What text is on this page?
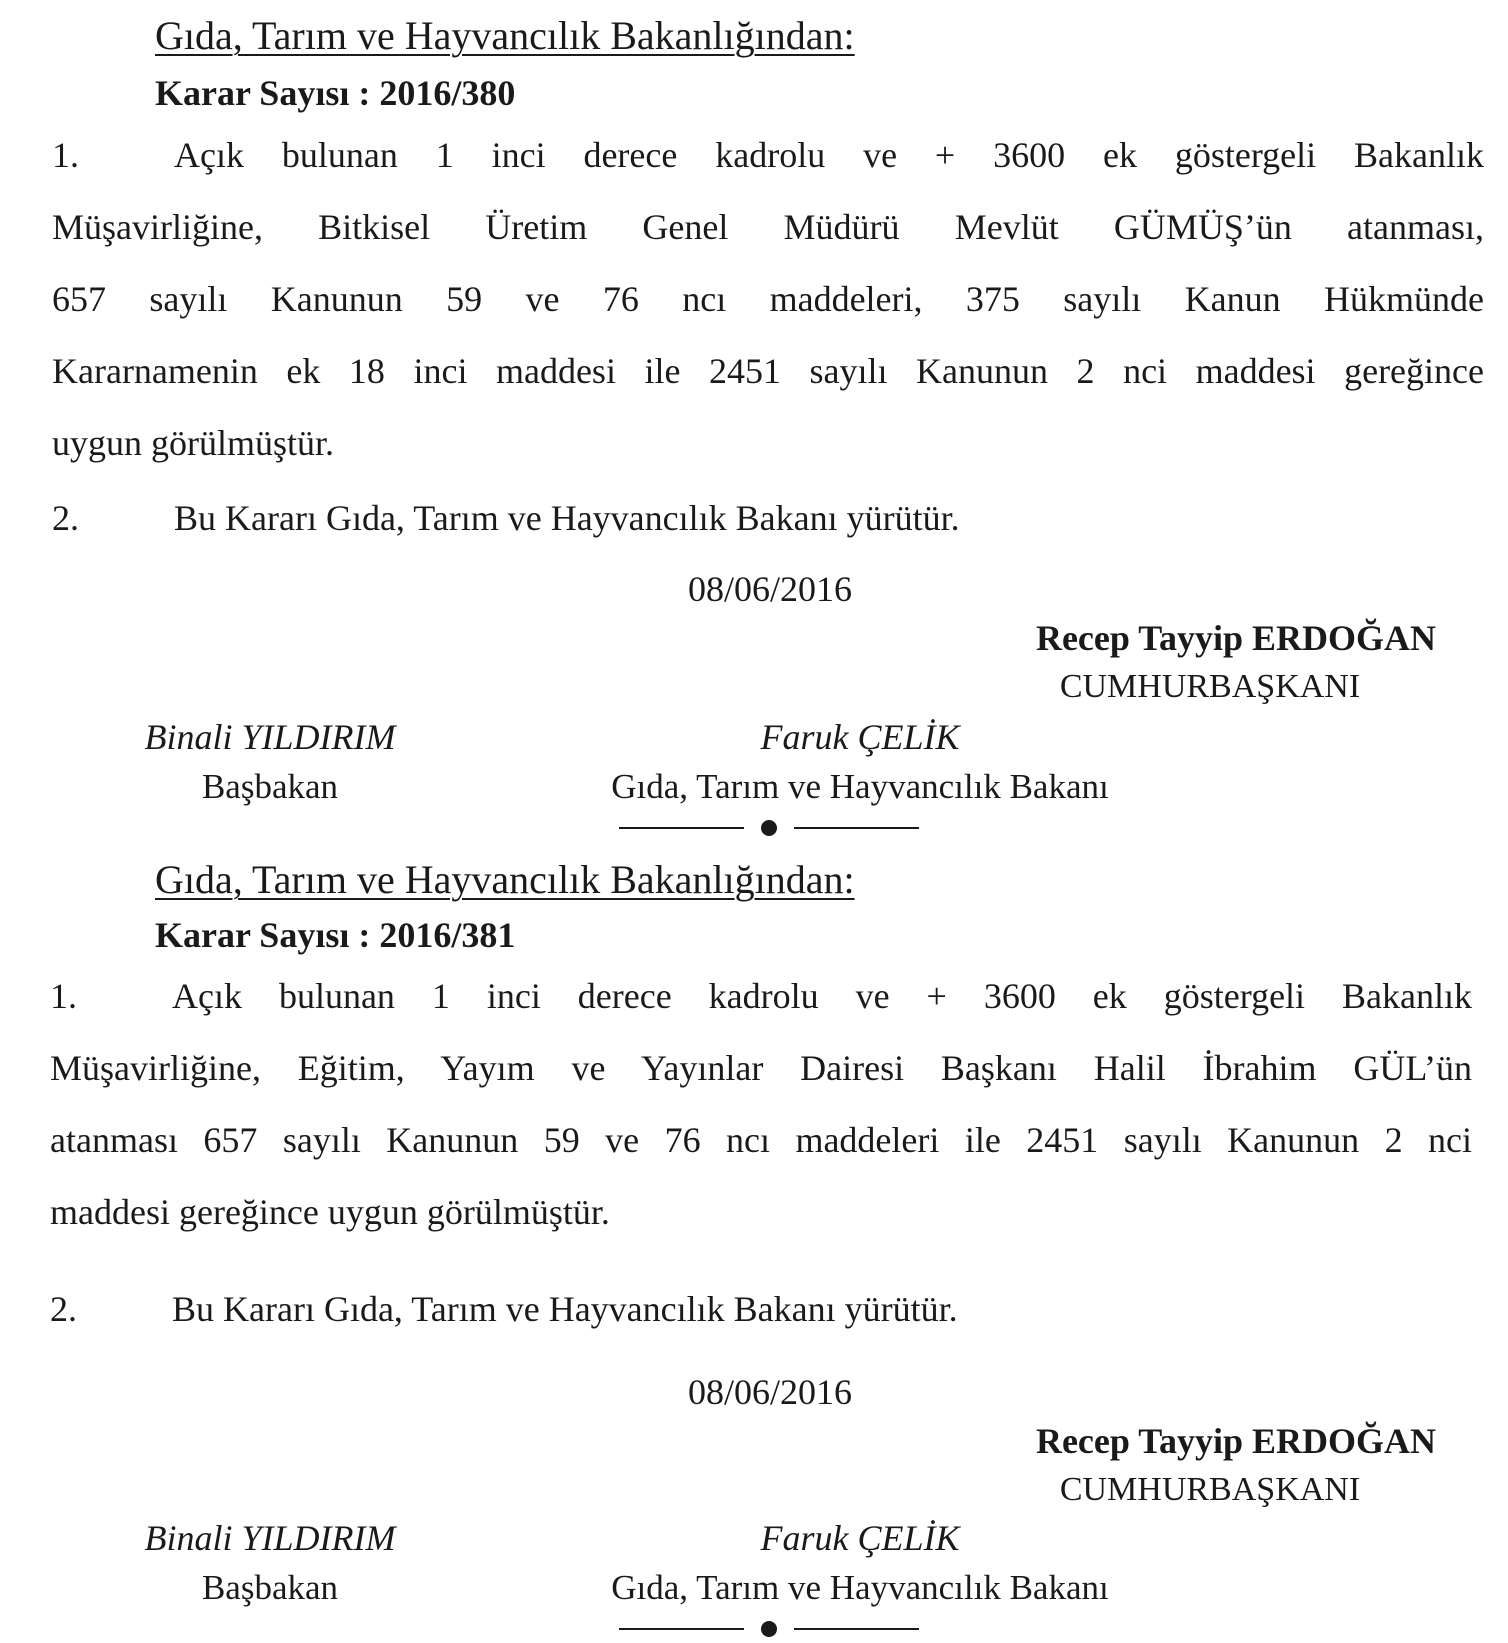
Gıda, Tarım ve Hayvancılık Bakanlığından:
Karar Sayısı : 2016/380
1.	Açık bulunan 1 inci derece kadrolu ve + 3600 ek göstergeli Bakanlık
Müşavirliğine, Bitkisel Üretim Genel Müdürü Mevlüt GÜMÜŞ’ün atanması,
657 sayılı Kanunun 59 ve 76 ncı maddeleri, 375 sayılı Kanun Hükmünde
Kararnamenin ek 18 inci maddesi ile 2451 sayılı Kanunun 2 nci maddesi gereğince
uygun görülmüştür.
2.	Bu Kararı Gıda, Tarım ve Hayvancılık Bakanı yürütür.
08/06/2016
Recep Tayyip ERDOĞAN
CUMHURBAŞKANI
Binali YILDIRIM
Başbakan
Faruk ÇELİK
Gıda, Tarım ve Hayvancılık Bakanı
Gıda, Tarım ve Hayvancılık Bakanlığından:
Karar Sayısı : 2016/381
1.	Açık bulunan 1 inci derece kadrolu ve + 3600 ek göstergeli Bakanlık
Müşavirliğine, Eğitim, Yayım ve Yayınlar Dairesi Başkanı Halil İbrahim GÜL’ün
atanması 657 sayılı Kanunun 59 ve 76 ncı maddeleri ile 2451 sayılı Kanunun 2 nci
maddesi gereğince uygun görülmüştür.
2.	Bu Kararı Gıda, Tarım ve Hayvancılık Bakanı yürütür.
08/06/2016
Recep Tayyip ERDOĞAN
CUMHURBAŞKANI
Binali YILDIRIM
Başbakan
Faruk ÇELİK
Gıda, Tarım ve Hayvancılık Bakanı
